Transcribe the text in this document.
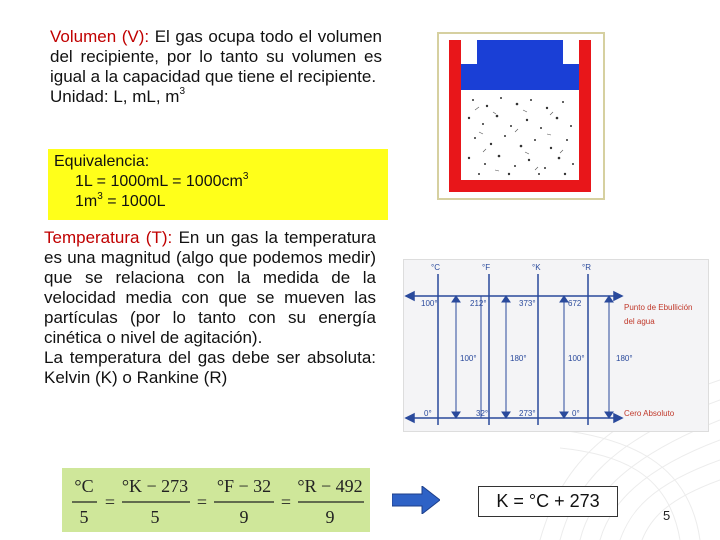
Volumen (V): El gas ocupa todo el volumen del recipiente, por lo tanto su volumen es igual a la capacidad que tiene el recipiente.
Unidad: L, mL, $m^3$
Equivalencia:
$1L = 1000mL = 1000cm^3$
$1m^3 = 1000L$
Temperatura (T): En un gas la temperatura es una magnitud (algo que podemos medir) que se relaciona con la medida de la velocidad media con que se mueven las partículas (por lo tanto con su energía cinética o nivel de agitación).
La temperatura del gas debe ser absoluta: Kelvin (K) o Rankine (R)
°C	°F	°K	°R
100°	212°	373°	672
100°	180°	100°	180°
0°	32°	273°	0°
Punto de Ebullición
del agua
Cero Absoluto
°C
5
=
°K − 273
5
=
°F − 32
9
=
°R − 492
9
K = °C + 273
5
